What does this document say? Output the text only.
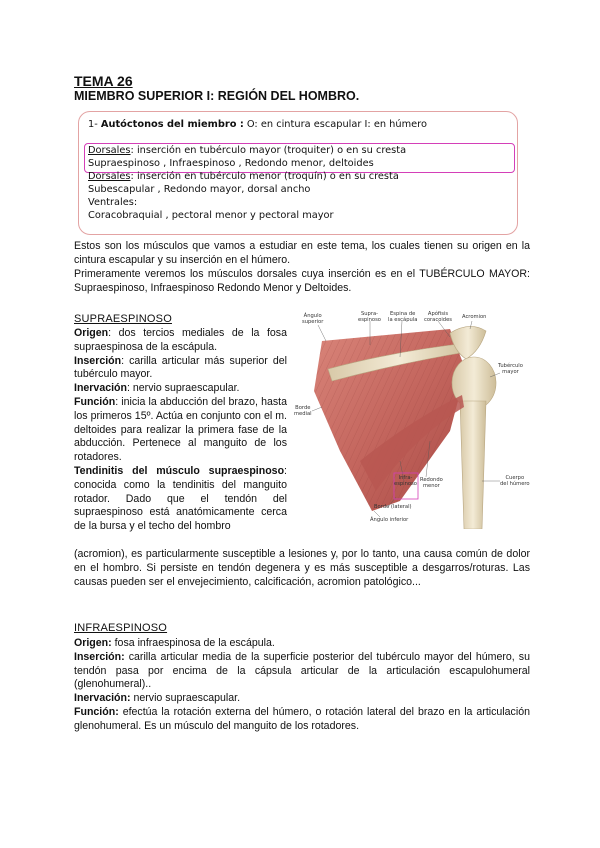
TEMA 26
MIEMBRO SUPERIOR I: REGIÓN DEL HOMBRO.
1- Autóctonos del miembro : O: en cintura escapular I: en húmero
Dorsales: inserción en tubérculo mayor (troquiter) o en su cresta
Supraespinoso , Infraespinoso , Redondo menor, deltoides
Dorsales: inserción en tubérculo menor (troquín) o en su cresta
Subescapular , Redondo mayor, dorsal ancho
Ventrales:
Coracobraquial , pectoral menor y pectoral mayor
Estos son los músculos que vamos a estudiar en este tema, los cuales tienen su origen en la cintura escapular y su inserción en el húmero.
Primeramente veremos los músculos dorsales cuya inserción es en el TUBÉRCULO MAYOR: Supraespinoso, Infraespinoso Redondo Menor y Deltoides.
SUPRAESPINOSO
Origen: dos tercios mediales de la fosa supraespinosa de la escápula.
Inserción: carilla articular más superior del tubérculo mayor.
Inervación: nervio supraescapular.
Función: inicia la abducción del brazo, hasta los primeros 15º. Actúa en conjunto con el m. deltoides para realizar la primera fase de la abducción. Pertenece al manguito de los rotadores.
Tendinitis del músculo supraespinoso: conocida como la tendinitis del manguito rotador. Dado que el tendón del supraespinoso está anatómicamente cerca de la bursa y el techo del hombro
(acromion), es particularmente susceptible a lesiones y, por lo tanto, una causa común de dolor en el hombro. Si persiste en tendón degenera y es más susceptible a desgarros/roturas. Las causas pueden ser el envejecimiento, calcificación, acromion patológico...
Supra-
espinoso
Espina de
la escápula
Apófisis
coracoides Acromion
Ángulo
superior
Tubérculo
mayor
Borde
medial
Infra-
espinoso
Redondo
menor
Cuerpo
del húmero
Borde (lateral)
Ángulo inferior
INFRAESPINOSO
Origen: fosa infraespinosa de la escápula.
Inserción: carilla articular media de la superficie posterior del tubérculo mayor del húmero, su tendón pasa por encima de la cápsula articular de la articulación escapulohumeral (glenohumeral)..
Inervación: nervio supraescapular.
Función: efectúa la rotación externa del húmero, o rotación lateral del brazo en la articulación glenohumeral. Es un músculo del manguito de los rotadores.
